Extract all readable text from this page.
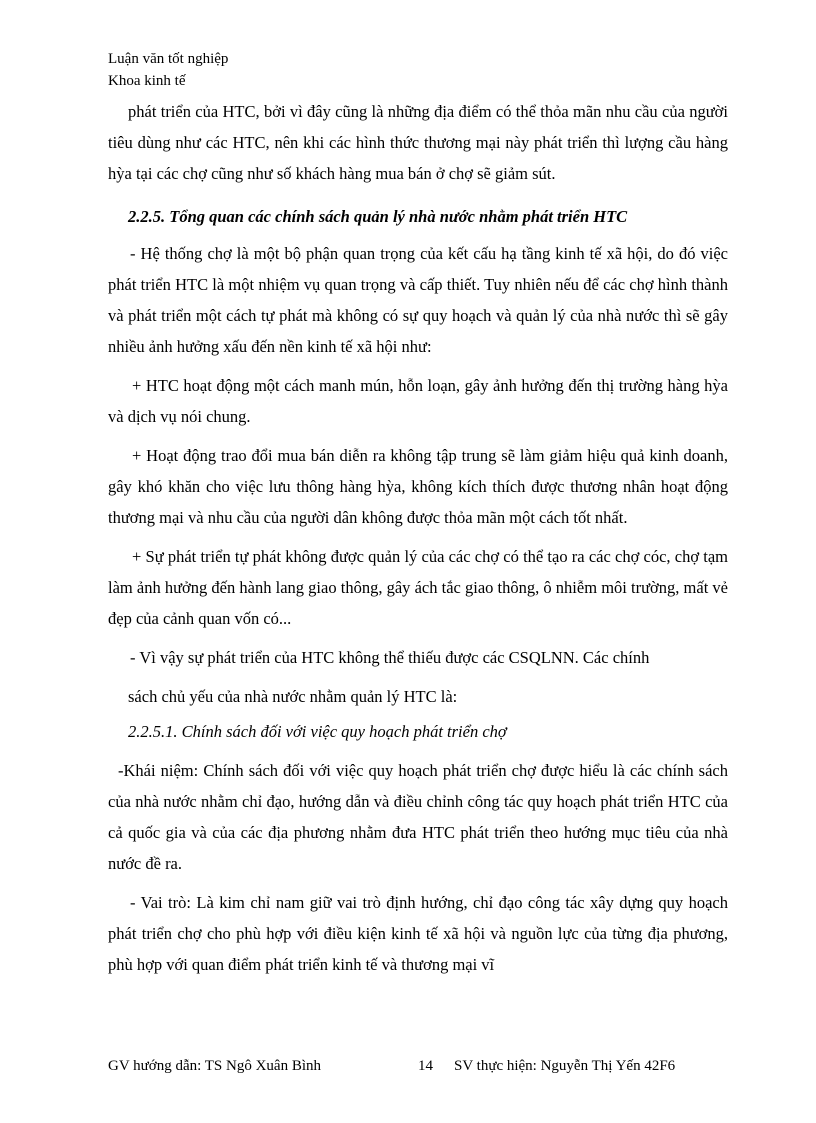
Luận văn tốt nghiệp
Khoa kinh tế

phát triển của HTC, bởi vì đây cũng là những địa điểm có thể thỏa mãn nhu cầu của người tiêu dùng như các HTC, nên khi các hình thức thương mại này phát triển thì lượng cầu hàng hỳa tại các chợ cũng như số khách hàng mua bán ở chợ sẽ giảm sút.

2.2.5. Tổng quan các chính sách quản lý nhà nước nhằm phát triển HTC

- Hệ thống chợ là một bộ phận quan trọng của kết cấu hạ tầng kinh tế xã hội, do đó việc phát triển HTC là một nhiệm vụ quan trọng và cấp thiết. Tuy nhiên nếu để các chợ hình thành và phát triển một cách tự phát mà không có sự quy hoạch và quản lý của nhà nước thì sẽ gây nhiều ảnh hưởng xấu đến nền kinh tế xã hội như:

+ HTC hoạt động một cách manh mún, hỗn loạn, gây ảnh hưởng đến thị trường hàng hỳa và dịch vụ nói chung.

+ Hoạt động trao đổi mua bán diễn ra không tập trung sẽ làm giảm hiệu quả kinh doanh, gây khó khăn cho việc lưu thông hàng hỳa, không kích thích được thương nhân hoạt động thương mại và nhu cầu của người dân không được thỏa mãn một cách tốt nhất.

+ Sự phát triển tự phát không được quản lý của các chợ có thể tạo ra các chợ cóc, chợ tạm làm ảnh hưởng đến hành lang giao thông, gây ách tắc giao thông, ô nhiễm môi trường, mất vẻ đẹp của cảnh quan vốn có...

- Vì vậy sự phát triển của HTC không thể thiếu được các CSQLNN. Các chính

sách chủ yếu của nhà nước nhằm quản lý HTC là:

2.2.5.1. Chính sách đối với việc quy hoạch phát triển chợ

-Khái niệm: Chính sách đối với việc quy hoạch phát triển chợ được hiểu là các chính sách của nhà nước nhằm chỉ đạo, hướng dẫn và điều chỉnh công tác quy hoạch phát triển HTC của cả quốc gia và của các địa phương nhằm đưa HTC phát triển theo hướng mục tiêu của nhà nước đề ra.

- Vai trò: Là kim chỉ nam giữ vai trò định hướng, chỉ đạo công tác xây dựng quy hoạch phát triển chợ cho phù hợp với điều kiện kinh tế xã hội và nguồn lực của từng địa phương, phù hợp với quan điểm phát triển kinh tế và thương mại vĩ

GV hướng dẫn: TS Ngô Xuân Bình	14 SV thực hiện: Nguyễn Thị Yến 42F6
